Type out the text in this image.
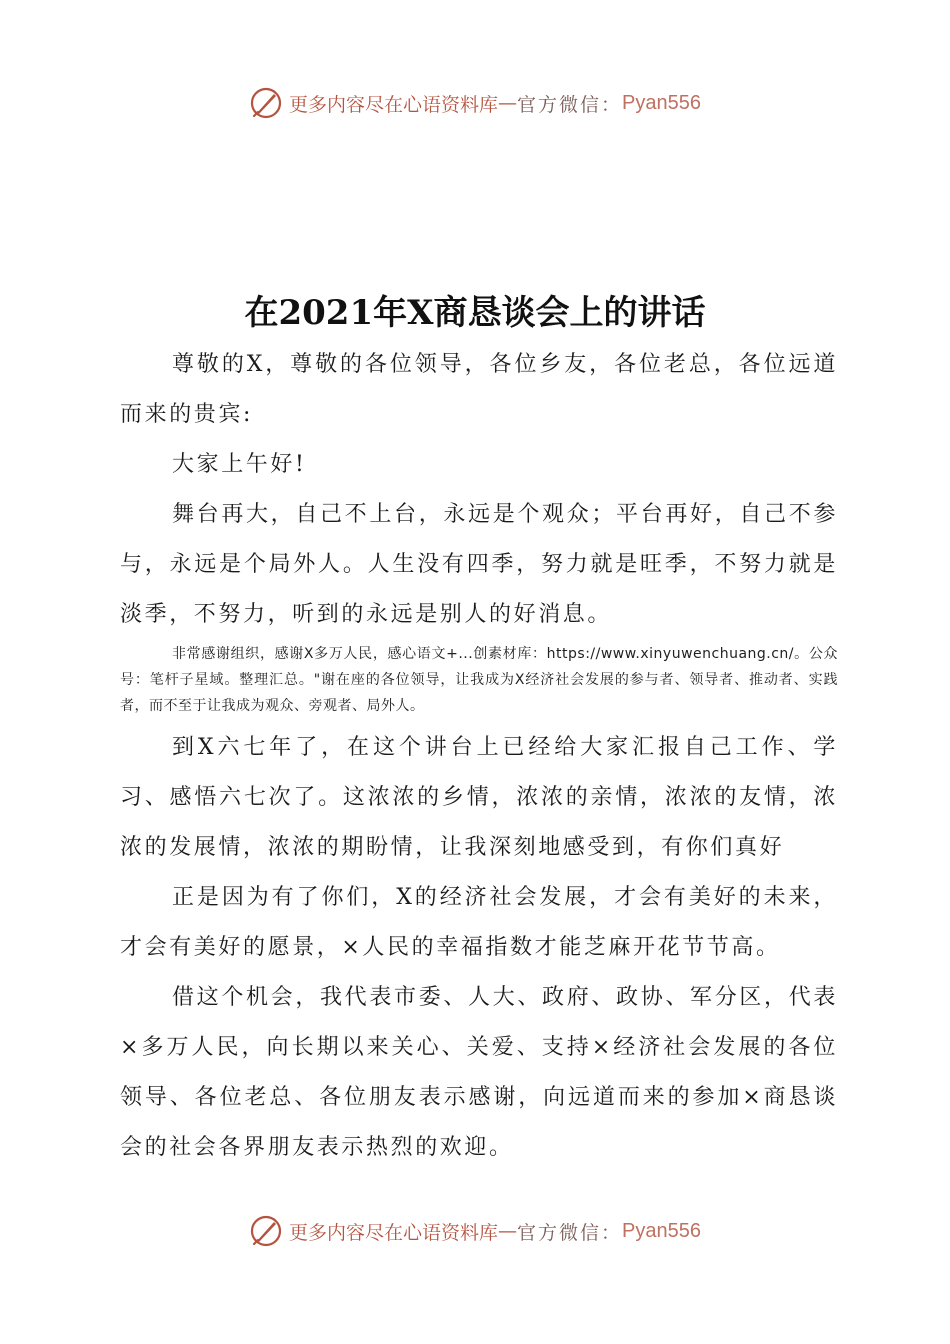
更多内容尽在心语资料库 — 官方微信： Pyan556
在2021年X商恳谈会上的讲话

尊敬的X，尊敬的各位领导，各位乡友，各位老总，各位远道而来的贵宾:

大家上午好!

舞台再大，自己不上台，永远是个观众；平台再好，自己不参与，永远是个局外人。人生没有四季，努力就是旺季，不努力就是淡季，不努力，听到的永远是别人的好消息。

非常感谢组织，感谢X多万人民，感心语文+...创素材库：https://www.xinyuwenchuang.cn/。公众号：笔杆子星域。整理汇总。"谢在座的各位领导，让我成为X经济社会发展的参与者、领导者、推动者、实践者，而不至于让我成为观众、旁观者、局外人。

到X六七年了，在这个讲台上已经给大家汇报自己工作、学习、感悟六七次了。这浓浓的乡情，浓浓的亲情，浓浓的友情，浓浓的发展情，浓浓的期盼情，让我深刻地感受到，有你们真好

正是因为有了你们，X的经济社会发展，才会有美好的未来，才会有美好的愿景，×人民的幸福指数才能芝麻开花节节高。

借这个机会，我代表市委、人大、政府、政协、军分区，代表×多万人民，向长期以来关心、关爱、支持×经济社会发展的各位领导、各位老总、各位朋友表示感谢，向远道而来的参加×商恳谈会的社会各界朋友表示热烈的欢迎。

更多内容尽在心语资料库 — 官方微信： Pyan556
